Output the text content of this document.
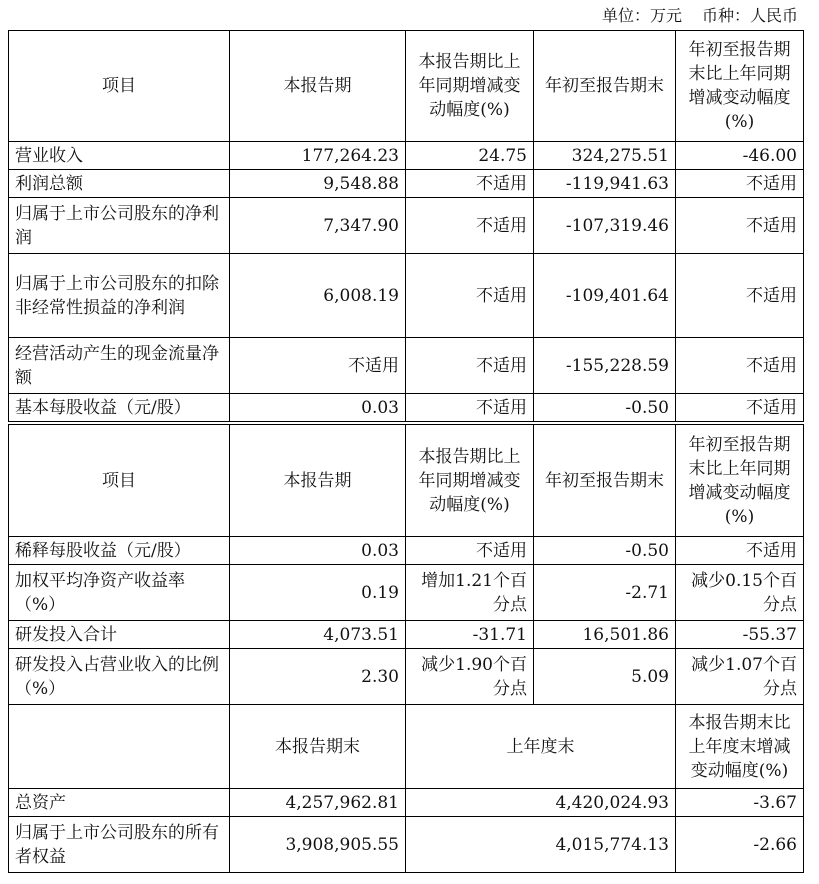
单位：万元 币种：人民币
项目	本报告期	本报告期比上年同期增减变动幅度(%)	年初至报告期末	年初至报告期末比上年同期增减变动幅度(%)
营业收入	177,264.23	24.75	324,275.51	-46.00
利润总额	9,548.88	不适用	-119,941.63	不适用
归属于上市公司股东的净利润	7,347.90	不适用	-107,319.46	不适用
归属于上市公司股东的扣除非经常性损益的净利润	6,008.19	不适用	-109,401.64	不适用
经营活动产生的现金流量净额	不适用	不适用	-155,228.59	不适用
基本每股收益（元/股）	0.03	不适用	-0.50	不适用
项目	本报告期	本报告期比上年同期增减变动幅度(%)	年初至报告期末	年初至报告期末比上年同期增减变动幅度(%)
稀释每股收益（元/股）	0.03	不适用	-0.50	不适用
加权平均净资产收益率（%）	0.19	增加1.21个百分点	-2.71	减少0.15个百分点
研发投入合计	4,073.51	-31.71	16,501.86	-55.37
研发投入占营业收入的比例（%）	2.30	减少1.90个百分点	5.09	减少1.07个百分点
	本报告期末	上年度末		本报告期末比上年度末增减变动幅度(%)
总资产	4,257,962.81	4,420,024.93		-3.67
归属于上市公司股东的所有者权益	3,908,905.55	4,015,774.13		-2.66
